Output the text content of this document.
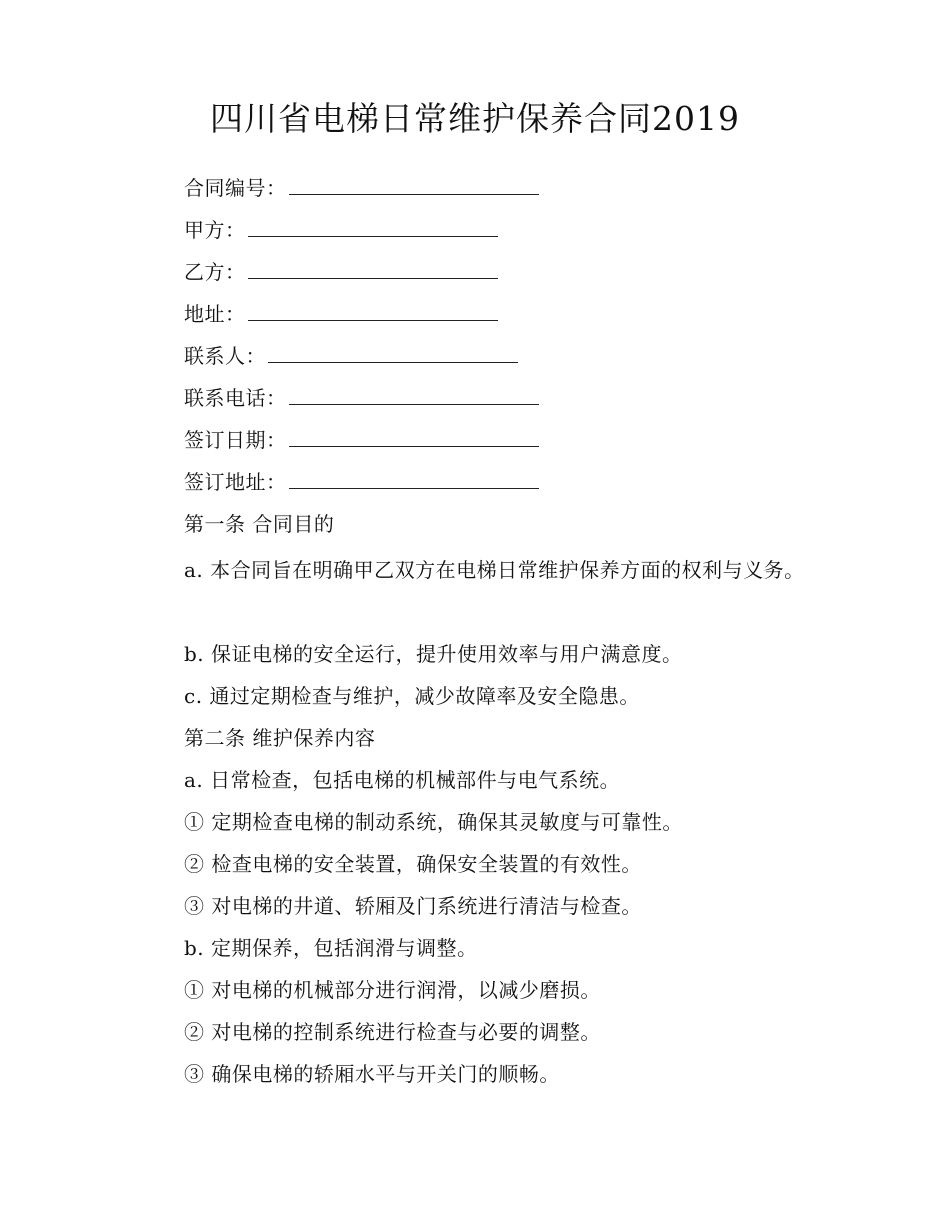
四川省电梯日常维护保养合同2019
合同编号：
甲方：
乙方：
地址：
联系人：
联系电话：
签订日期：
签订地址：
第一条 合同目的
a. 本合同旨在明确甲乙双方在电梯日常维护保养方面的权利与义务。
b. 保证电梯的安全运行，提升使用效率与用户满意度。
c. 通过定期检查与维护，减少故障率及安全隐患。
第二条 维护保养内容
a. 日常检查，包括电梯的机械部件与电气系统。
① 定期检查电梯的制动系统，确保其灵敏度与可靠性。
② 检查电梯的安全装置，确保安全装置的有效性。
③ 对电梯的井道、轿厢及门系统进行清洁与检查。
b. 定期保养，包括润滑与调整。
① 对电梯的机械部分进行润滑，以减少磨损。
② 对电梯的控制系统进行检查与必要的调整。
③ 确保电梯的轿厢水平与开关门的顺畅。
